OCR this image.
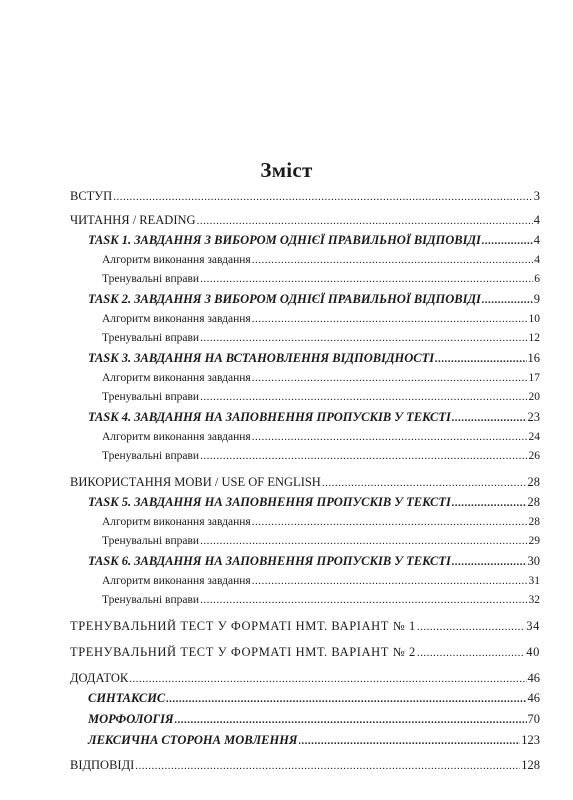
Зміст
ВСТУП .....	3
ЧИТАННЯ / READING .....	4
TASK 1. ЗАВДАННЯ З ВИБОРОМ ОДНІЄЇ ПРАВИЛЬНОЇ ВІДПОВІДІ .....	4
Алгоритм виконання завдання .....	4
Тренувальні вправи .....	6
TASK 2. ЗАВДАННЯ З ВИБОРОМ ОДНІЄЇ ПРАВИЛЬНОЇ ВІДПОВІДІ .....	9
Алгоритм виконання завдання .....	10
Тренувальні вправи .....	12
TASK 3. ЗАВДАННЯ НА ВСТАНОВЛЕННЯ ВІДПОВІДНОСТІ .....	16
Алгоритм виконання завдання .....	17
Тренувальні вправи .....	20
TASK 4. ЗАВДАННЯ НА ЗАПОВНЕННЯ ПРОПУСКІВ У ТЕКСТІ .....	23
Алгоритм виконання завдання .....	24
Тренувальні вправи .....	26
ВИКОРИСТАННЯ МОВИ / USE OF ENGLISH .....	28
TASK 5. ЗАВДАННЯ НА ЗАПОВНЕННЯ ПРОПУСКІВ У ТЕКСТІ .....	28
Алгоритм виконання завдання .....	28
Тренувальні вправи .....	29
TASK 6. ЗАВДАННЯ НА ЗАПОВНЕННЯ ПРОПУСКІВ У ТЕКСТІ .....	30
Алгоритм виконання завдання .....	31
Тренувальні вправи .....	32
ТРЕНУВАЛЬНИЙ ТЕСТ У ФОРМАТІ НМТ. ВАРІАНТ № 1 .....	34
ТРЕНУВАЛЬНИЙ ТЕСТ У ФОРМАТІ НМТ. ВАРІАНТ № 2 .....	40
ДОДАТОК .....	46
СИНТАКСИС .....	46
МОРФОЛОГІЯ .....	70
ЛЕКСИЧНА СТОРОНА МОВЛЕННЯ .....	123
ВІДПОВІДІ .....	128
